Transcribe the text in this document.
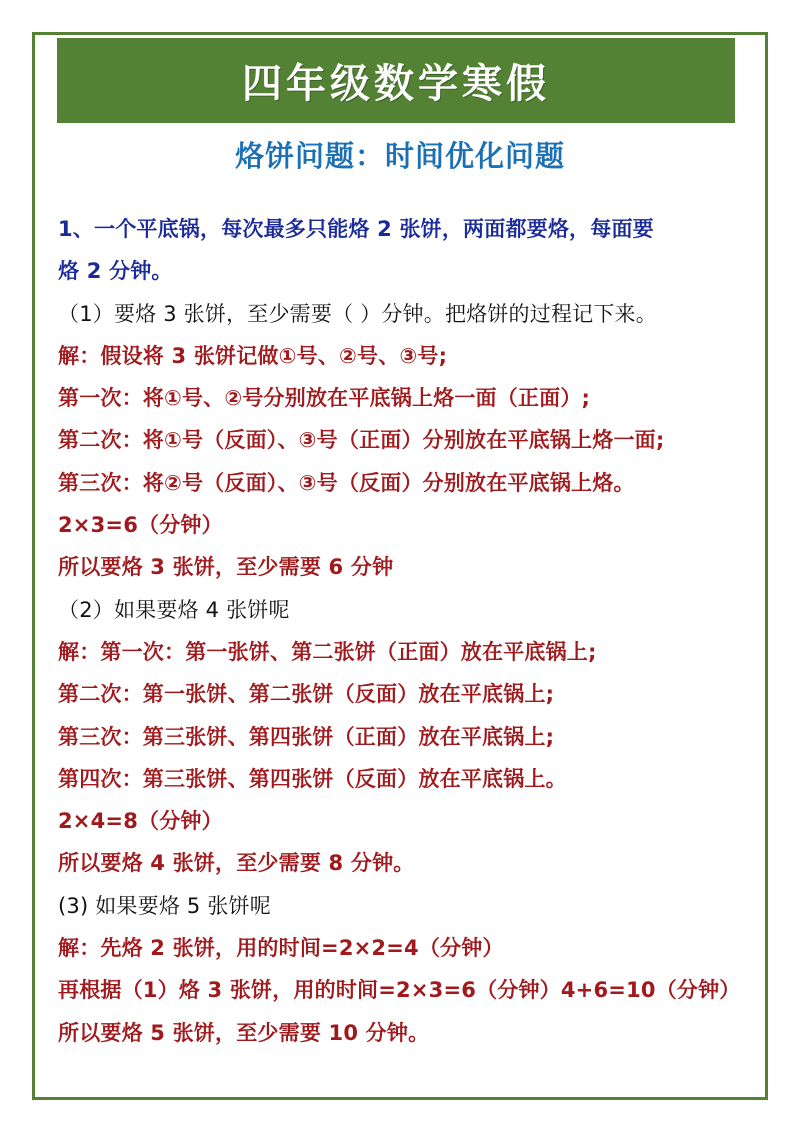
四年级数学寒假
烙饼问题：时间优化问题
1、一个平底锅，每次最多只能烙 2 张饼，两面都要烙，每面要
烙 2 分钟。
（1）要烙 3 张饼，至少需要（ ）分钟。把烙饼的过程记下来。
解：假设将 3 张饼记做①号、②号、③号;
第一次：将①号、②号分别放在平底锅上烙一面（正面）;
第二次：将①号（反面）、③号（正面）分别放在平底锅上烙一面;
第三次：将②号（反面）、③号（反面）分别放在平底锅上烙。
2×3=6（分钟）
所以要烙 3 张饼，至少需要 6 分钟
（2）如果要烙 4 张饼呢
解：第一次：第一张饼、第二张饼（正面）放在平底锅上;
第二次：第一张饼、第二张饼（反面）放在平底锅上;
第三次：第三张饼、第四张饼（正面）放在平底锅上;
第四次：第三张饼、第四张饼（反面）放在平底锅上。
2×4=8（分钟）
所以要烙 4 张饼，至少需要 8 分钟。
(3) 如果要烙 5 张饼呢
解：先烙 2 张饼，用的时间=2×2=4（分钟）
再根据（1）烙 3 张饼，用的时间=2×3=6（分钟）4+6=10（分钟）
所以要烙 5 张饼，至少需要 10 分钟。
